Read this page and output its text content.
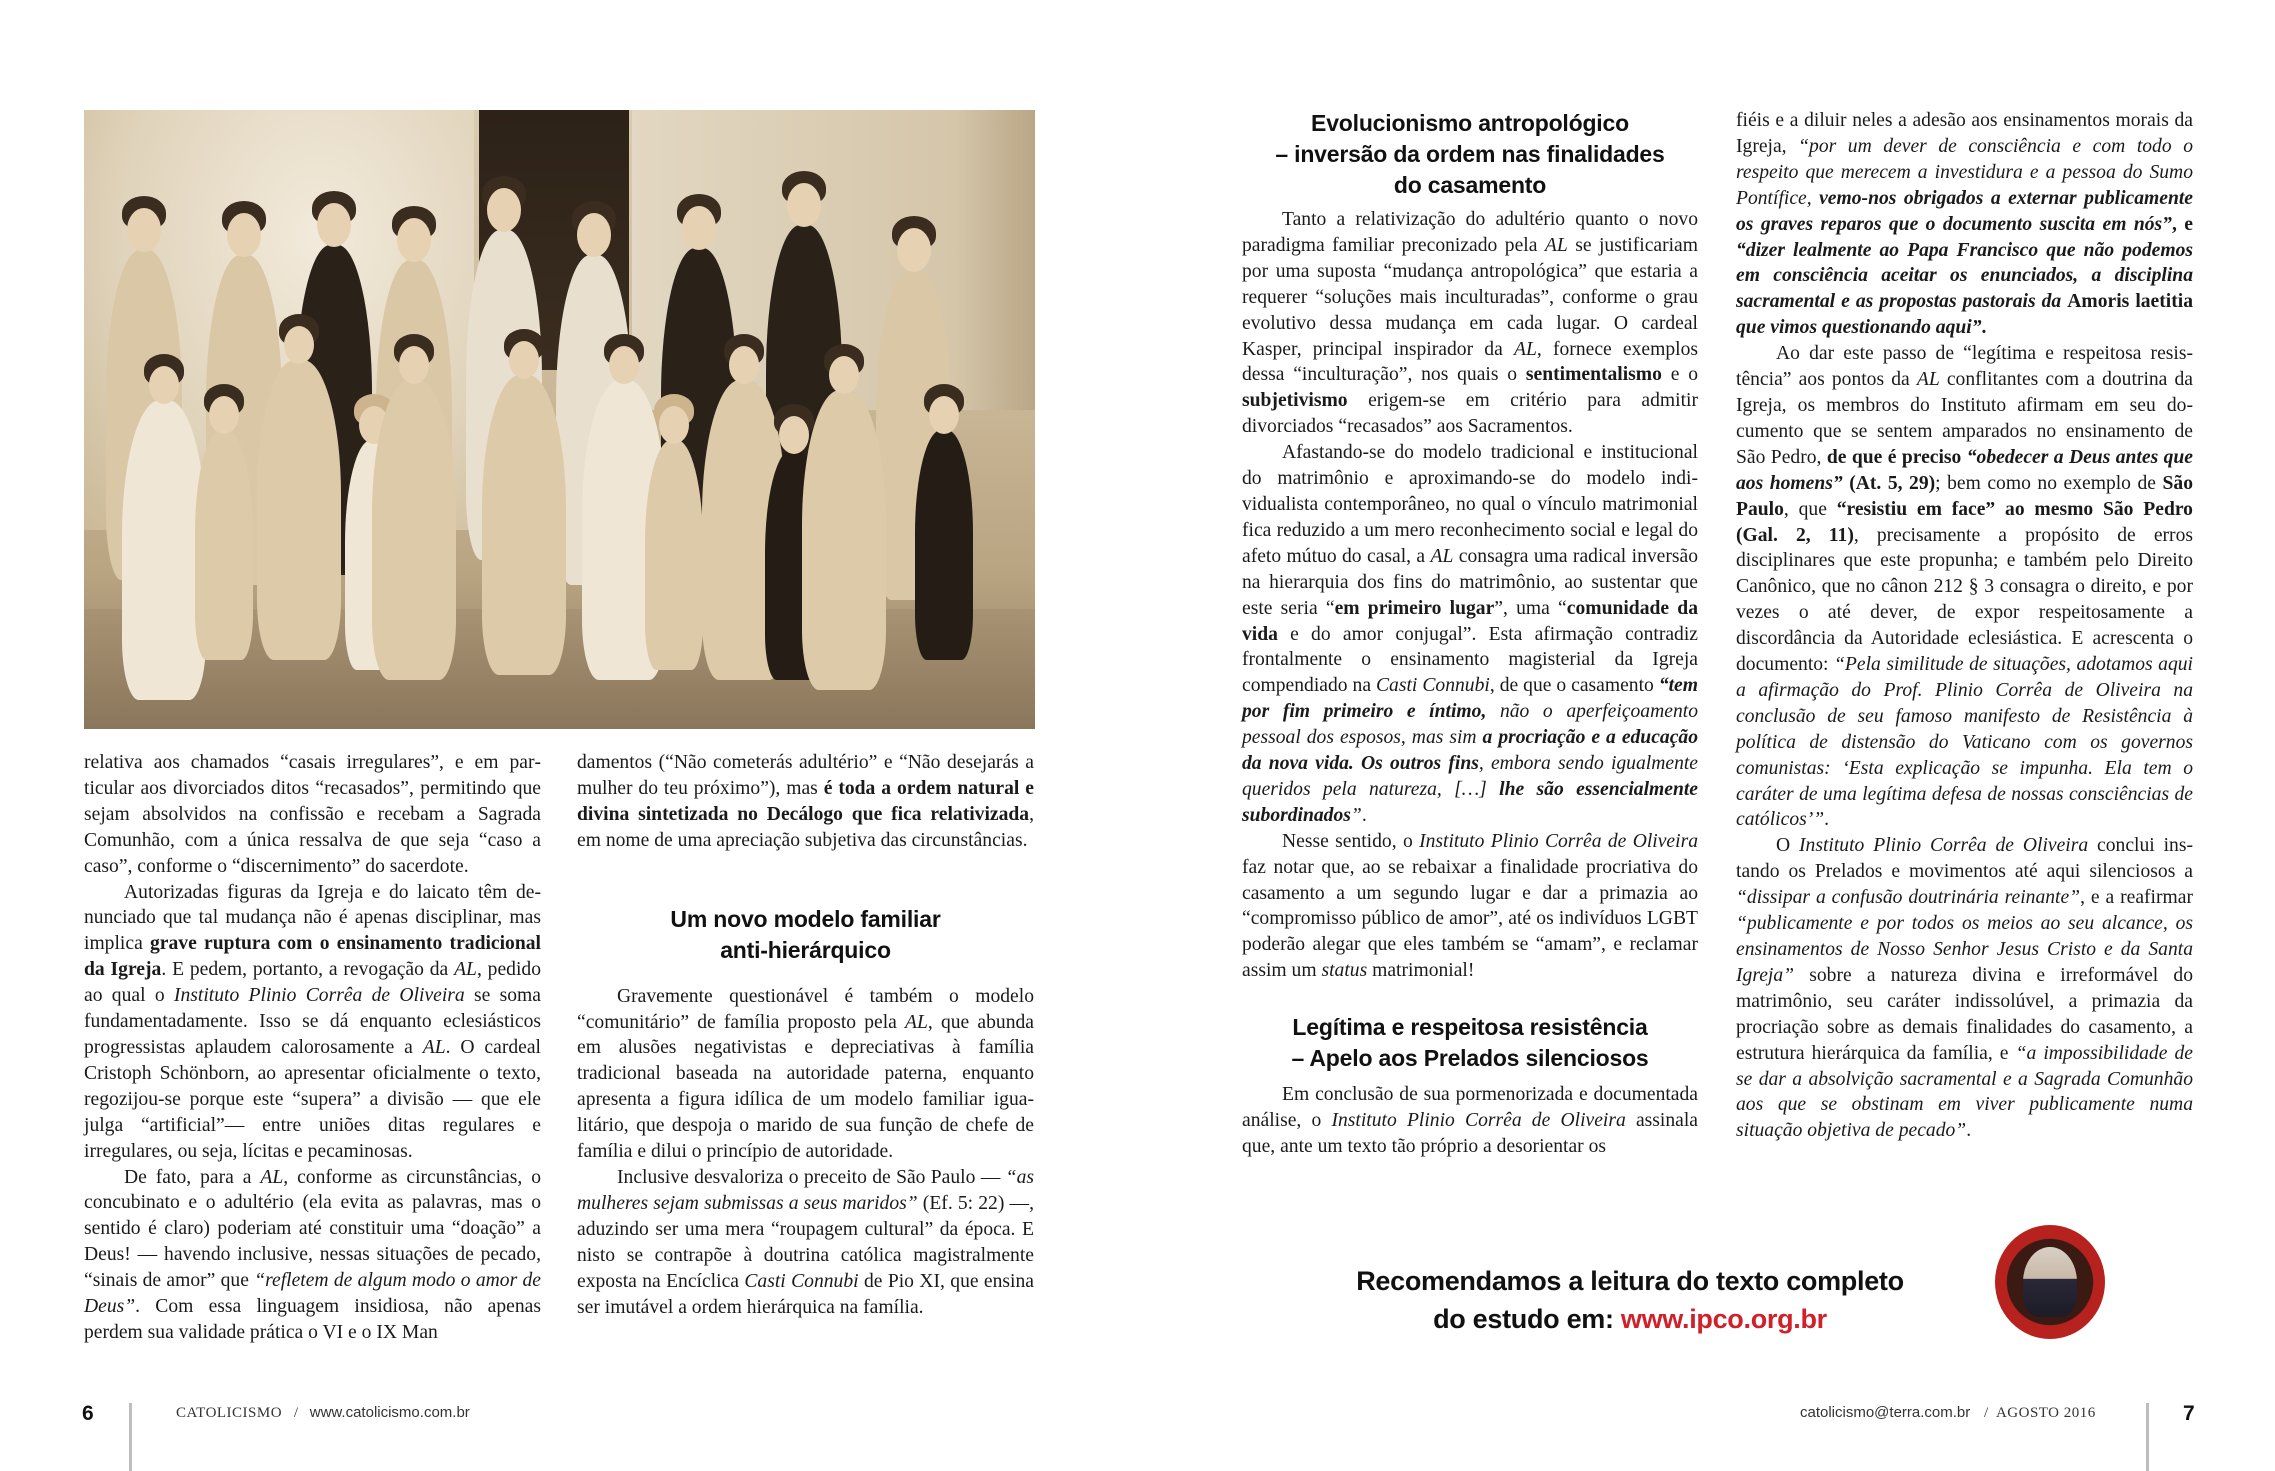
relativa aos chamados “casais irregulares”, e em particular aos divorciados ditos “recasados”, permitindo que sejam absolvidos na confissão e recebam a Sagrada Comunhão, com a única ressalva de que seja “caso a caso”, conforme o “discernimento” do sacerdote.

Autorizadas figuras da Igreja e do laicato têm denunciado que tal mudança não é apenas disciplinar, mas implica grave ruptura com o ensinamento tradicional da Igreja. E pedem, portanto, a revogação da AL, pedido ao qual o Instituto Plinio Corrêa de Oliveira se soma fundamentadamente. Isso se dá enquanto eclesiásticos progressistas aplaudem calorosamente a AL. O cardeal Cristoph Schönborn, ao apresentar oficialmente o texto, regozijou-se porque este “supera” a divisão — que ele julga “artificial”— entre uniões ditas regulares e irregulares, ou seja, lícitas e pecaminosas.

De fato, para a AL, conforme as circunstâncias, o concubinato e o adultério (ela evita as palavras, mas o sentido é claro) poderiam até constituir uma “doação” a Deus! — havendo inclusive, nessas situações de pecado, “sinais de amor” que “refletem de algum modo o amor de Deus”. Com essa linguagem insidiosa, não apenas perdem sua validade prática o VI e o IX Man

damentos (“Não cometerás adultério” e “Não desejarás a mulher do teu próximo”), mas é toda a ordem natural e divina sintetizada no Decálogo que fica relativizada, em nome de uma apreciação subjetiva das circunstâncias.

Um novo modelo familiar
anti-hierárquico

Gravemente questionável é também o modelo “comunitário” de família proposto pela AL, que abunda em alusões negativistas e depreciativas à família tradicional baseada na autoridade paterna, enquanto apresenta a figura idílica de um modelo familiar igualitário, que despoja o marido de sua função de chefe de família e dilui o princípio de autoridade.

Inclusive desvaloriza o preceito de São Paulo — “as mulheres sejam submissas a seus maridos” (Ef. 5: 22) —, aduzindo ser uma mera “roupagem cultural” da época. E nisto se contrapõe à doutrina católica magistralmente exposta na Encíclica Casti Connubi de Pio XI, que ensina ser imutável a ordem hierárquica na família.

6	CATOLICISMO / www.catolicismo.com.br
Evolucionismo antropológico
– inversão da ordem nas finalidades
do casamento

Tanto a relativização do adultério quanto o novo paradigma familiar preconizado pela AL se justificariam por uma suposta “mudança antropológica” que estaria a requerer “soluções mais inculturadas”, conforme o grau evolutivo dessa mudança em cada lugar. O cardeal Kasper, principal inspirador da AL, fornece exemplos dessa “inculturação”, nos quais o sentimentalismo e o subjetivismo erigem-se em critério para admitir divorciados “recasados” aos Sacramentos.

Afastando-se do modelo tradicional e institucional do matrimônio e aproximando-se do modelo individualista contemporâneo, no qual o vínculo matrimonial fica reduzido a um mero reconhecimento social e legal do afeto mútuo do casal, a AL consagra uma radical inversão na hierarquia dos fins do matrimônio, ao sustentar que este seria “em primeiro lugar”, uma “comunidade da vida e do amor conjugal”. Esta afirmação contradiz frontalmente o ensinamento magisterial da Igreja compendiado na Casti Connubi, de que o casamento “tem por fim primeiro e íntimo, não o aperfeiçoamento pessoal dos esposos, mas sim a procriação e a educação da nova vida. Os outros fins, embora sendo igualmente queridos pela natureza, […] lhe são essencialmente subordinados”.

Nesse sentido, o Instituto Plinio Corrêa de Oliveira faz notar que, ao se rebaixar a finalidade procriativa do casamento a um segundo lugar e dar a primazia ao “compromisso público de amor”, até os indivíduos LGBT poderão alegar que eles também se “amam”, e reclamar assim um status matrimonial!

Legítima e respeitosa resistência
– Apelo aos Prelados silenciosos

Em conclusão de sua pormenorizada e documentada análise, o Instituto Plinio Corrêa de Oliveira assinala que, ante um texto tão próprio a desorientar os

fiéis e a diluir neles a adesão aos ensinamentos morais da Igreja, “por um dever de consciência e com todo o respeito que merecem a investidura e a pessoa do Sumo Pontífice, vemo-nos obrigados a externar publicamente os graves reparos que o documento suscita em nós”, e “dizer lealmente ao Papa Francisco que não podemos em consciência aceitar os enunciados, a disciplina sacramental e as propostas pastorais da Amoris laetitia que vimos questionando aqui”.

Ao dar este passo de “legítima e respeitosa resistência” aos pontos da AL conflitantes com a doutrina da Igreja, os membros do Instituto afirmam em seu documento que se sentem amparados no ensinamento de São Pedro, de que é preciso “obedecer a Deus antes que aos homens” (At. 5, 29); bem como no exemplo de São Paulo, que “resistiu em face” ao mesmo São Pedro (Gal. 2, 11), precisamente a propósito de erros disciplinares que este propunha; e também pelo Direito Canônico, que no cânon 212 § 3 consagra o direito, e por vezes o até dever, de expor respeitosamente a discordância da Autoridade eclesiástica. E acrescenta o documento: “Pela similitude de situações, adotamos aqui a afirmação do Prof. Plinio Corrêa de Oliveira na conclusão de seu famoso manifesto de Resistência à política de distensão do Vaticano com os governos comunistas: ‘Esta explicação se impunha. Ela tem o caráter de uma legítima defesa de nossas consciências de católicos’”.

O Instituto Plinio Corrêa de Oliveira conclui instando os Prelados e movimentos até aqui silenciosos a “dissipar a confusão doutrinária reinante”, e a reafirmar “publicamente e por todos os meios ao seu alcance, os ensinamentos de Nosso Senhor Jesus Cristo e da Santa Igreja” sobre a natureza divina e irreformável do matrimônio, seu caráter indissolúvel, a primazia da procriação sobre as demais finalidades do casamento, a estrutura hierárquica da família, e “a impossibilidade de se dar a absolvição sacramental e a Sagrada Comunhão aos que se obstinam em viver publicamente numa situação objetiva de pecado”.

Recomendamos a leitura do texto completo
do estudo em: www.ipco.org.br
catolicismo@terra.com.br / AGOSTO 2016	7
